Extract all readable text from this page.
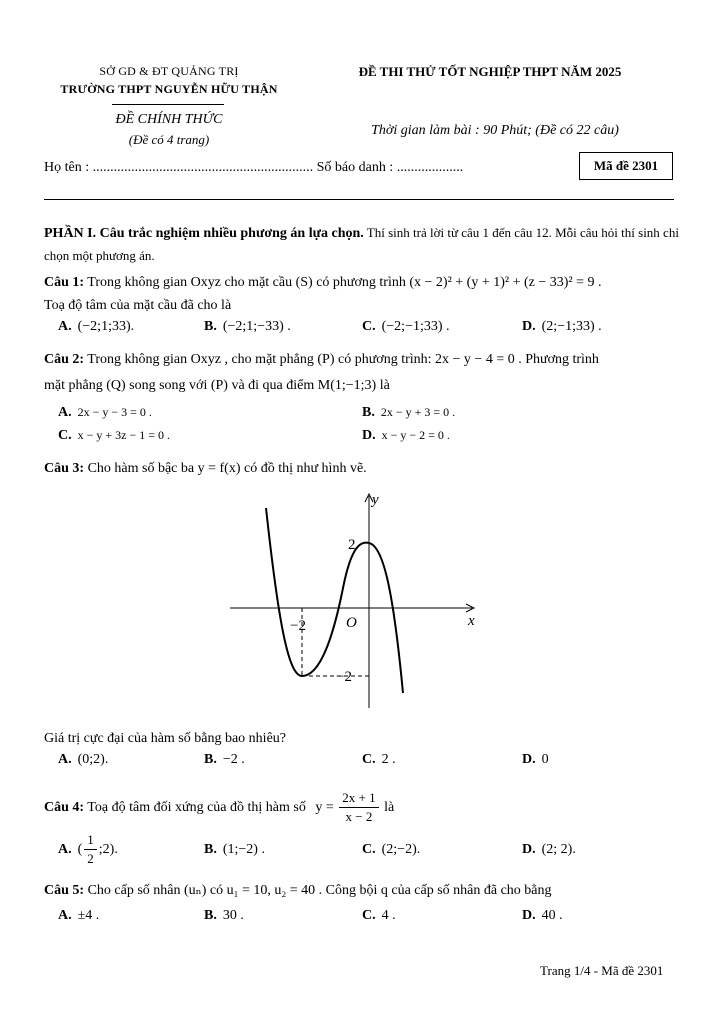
SỞ GD & ĐT QUẢNG TRỊ
TRƯỜNG THPT NGUYỄN HỮU THẬN
ĐỀ CHÍNH THỨC
(Đề có 4 trang)
ĐỀ THI THỬ TỐT NGHIỆP THPT NĂM 2025
Thời gian làm bài : 90 Phút; (Đề có 22 câu)
Họ tên : ............................................................... Số báo danh : ...................	Mã đề 2301
PHẦN I. Câu trắc nghiệm nhiều phương án lựa chọn. Thí sinh trả lời từ câu 1 đến câu 12. Mỗi câu hỏi thí sinh chỉ chọn một phương án.
Câu 1: Trong không gian Oxyz cho mặt cầu (S) có phương trình (x − 2)² + (y + 1)² + (z − 33)² = 9 .
Toạ độ tâm của mặt cầu đã cho là
A. (−2;1;33).	B. (−2;1;−33) .	C. (−2;−1;33) .	D. (2;−1;33) .
Câu 2: Trong không gian Oxyz , cho mặt phẳng (P) có phương trình: 2x − y − 4 = 0 . Phương trình
mặt phẳng (Q) song song với (P) và đi qua điểm M(1;−1;3) là
A. 2x − y − 3 = 0 .	B. 2x − y + 3 = 0 .
C. x − y + 3z − 1 = 0 .	D. x − y − 2 = 0 .
Câu 3: Cho hàm số bậc ba y = f(x) có đồ thị như hình vẽ.
y
x
O
−2
2
−2
Giá trị cực đại của hàm số bằng bao nhiêu?
A. (0;2).	B. −2 .	C. 2 .	D. 0
Câu 4: Toạ độ tâm đối xứng của đồ thị hàm số $y = \frac{2x + 1}{x - 2}$ là
A. ( $\frac{1}{2}$ ;2).	B. (1;−2) .	C. (2;−2).	D. (2; 2).
Câu 5: Cho cấp số nhân (uₙ) có u₁ = 10, u₂ = 40 . Công bội q của cấp số nhân đã cho bằng
A. ±4 .	B. 30 .	C. 4 .	D. 40 .
Trang 1/4 - Mã đề 2301
